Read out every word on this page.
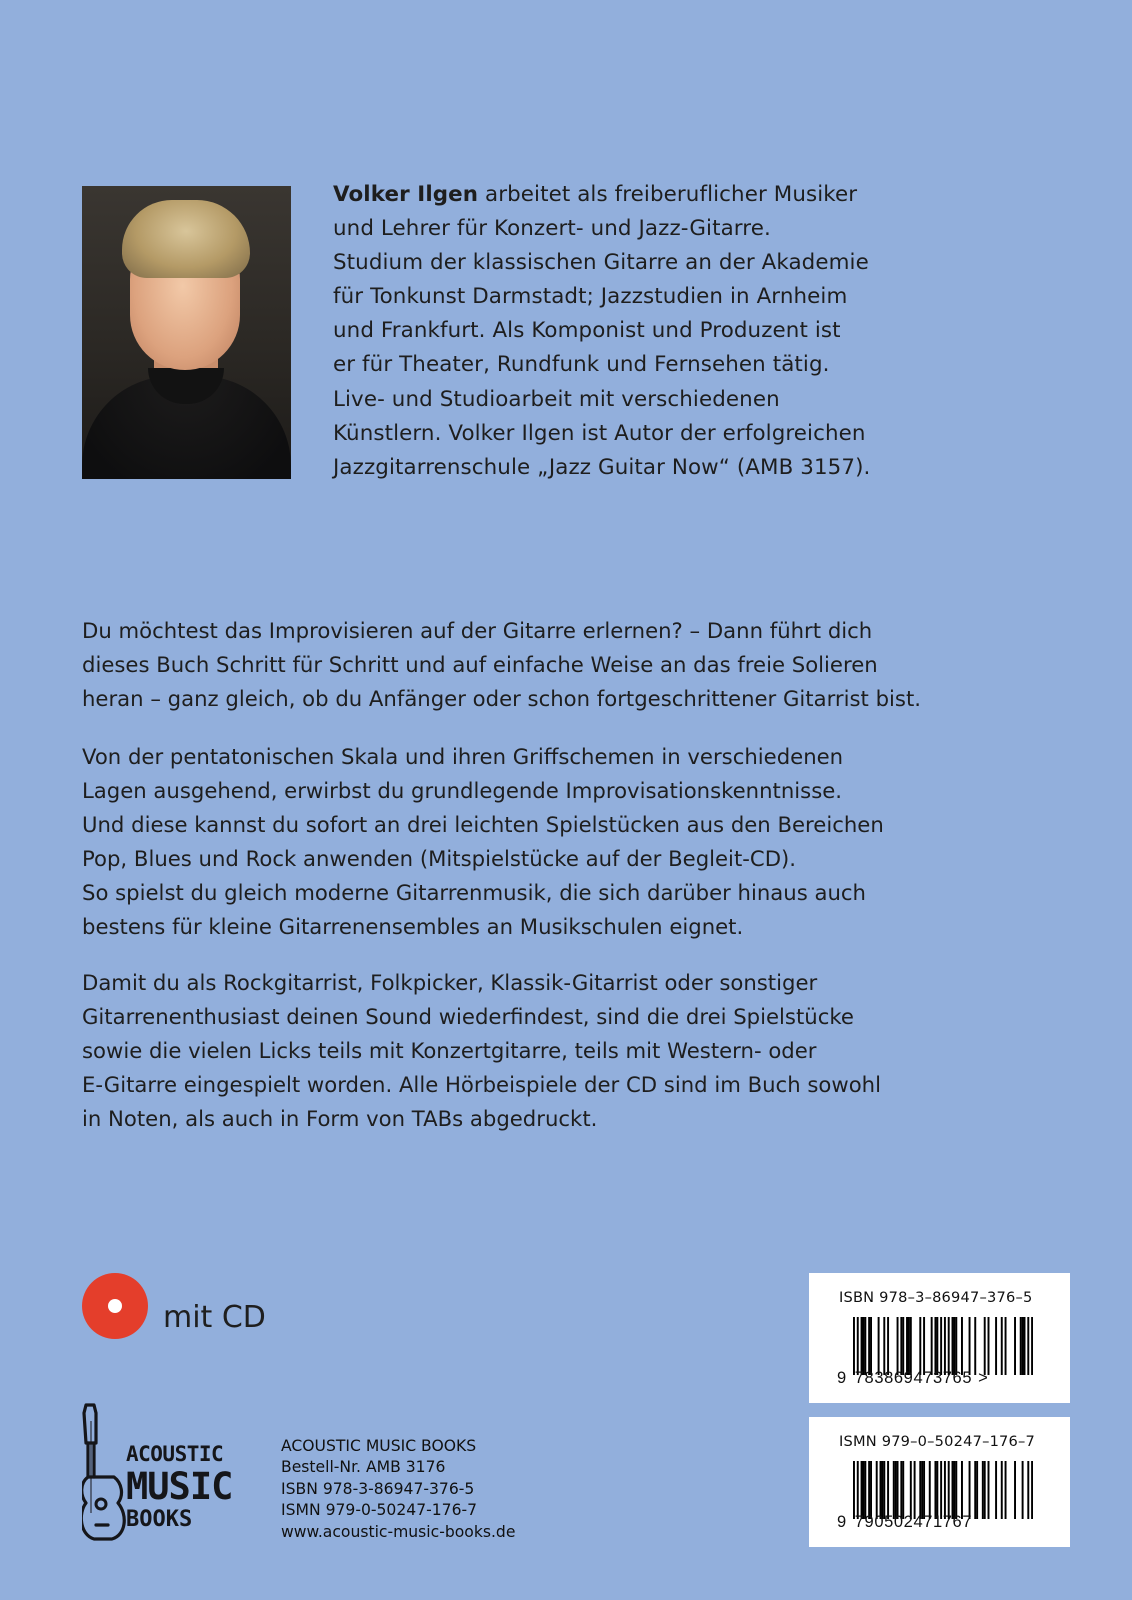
Volker Ilgen arbeitet als freiberuflicher Musiker
und Lehrer für Konzert- und Jazz-Gitarre.
Studium der klassischen Gitarre an der Akademie
für Tonkunst Darmstadt; Jazzstudien in Arnheim
und Frankfurt. Als Komponist und Produzent ist
er für Theater, Rundfunk und Fernsehen tätig.
Live- und Studioarbeit mit verschiedenen
Künstlern. Volker Ilgen ist Autor der erfolgreichen
Jazzgitarrenschule „Jazz Guitar Now“ (AMB 3157).
Du möchtest das Improvisieren auf der Gitarre erlernen? – Dann führt dich
dieses Buch Schritt für Schritt und auf einfache Weise an das freie Solieren
heran – ganz gleich, ob du Anfänger oder schon fortgeschrittener Gitarrist bist.
Von der pentatonischen Skala und ihren Griffschemen in verschiedenen
Lagen ausgehend, erwirbst du grundlegende Improvisationskenntnisse.
Und diese kannst du sofort an drei leichten Spielstücken aus den Bereichen
Pop, Blues und Rock anwenden (Mitspielstücke auf der Begleit-CD).
So spielst du gleich moderne Gitarrenmusik, die sich darüber hinaus auch
bestens für kleine Gitarrenensembles an Musikschulen eignet.
Damit du als Rockgitarrist, Folkpicker, Klassik-Gitarrist oder sonstiger
Gitarrenenthusiast deinen Sound wiederfindest, sind die drei Spielstücke
sowie die vielen Licks teils mit Konzertgitarre, teils mit Western- oder
E-Gitarre eingespielt worden. Alle Hörbeispiele der CD sind im Buch sowohl
in Noten, als auch in Form von TABs abgedruckt.
mit CD
ACOUSTIC
MUSIC
BOOKS
ACOUSTIC MUSIC BOOKS
Bestell-Nr. AMB 3176
ISBN 978-3-86947-376-5
ISMN 979-0-50247-176-7
www.acoustic-music-books.de
ISBN 978–3–86947–376–5
9 783869473765 >
ISMN 979–0–50247–176–7
9 790502471767
